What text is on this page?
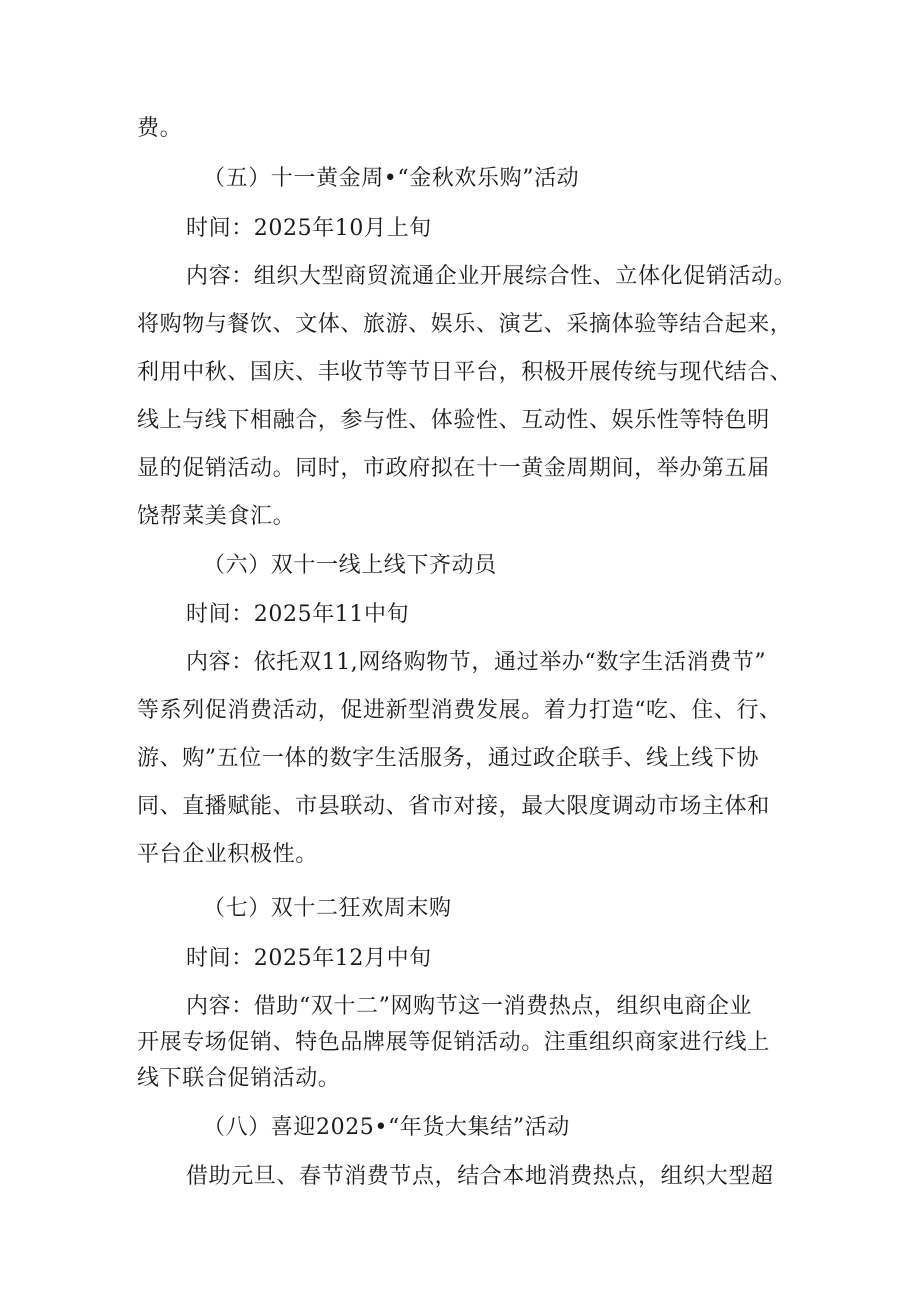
费。
（五）十一黄金周•“金秋欢乐购”活动
时间：2025年10月上旬
内容：组织大型商贸流通企业开展综合性、立体化促销活动。
将购物与餐饮、文体、旅游、娱乐、演艺、采摘体验等结合起来，
利用中秋、国庆、丰收节等节日平台，积极开展传统与现代结合、
线上与线下相融合，参与性、体验性、互动性、娱乐性等特色明
显的促销活动。同时，市政府拟在十一黄金周期间，举办第五届
饶帮菜美食汇。
（六）双十一线上线下齐动员
时间：2025年11中旬
内容：依托双11,网络购物节，通过举办“数字生活消费节”
等系列促消费活动，促进新型消费发展。着力打造“吃、住、行、
游、购”五位一体的数字生活服务，通过政企联手、线上线下协
同、直播赋能、市县联动、省市对接，最大限度调动市场主体和
平台企业积极性。
（七）双十二狂欢周末购
时间：2025年12月中旬
内容：借助“双十二”网购节这一消费热点，组织电商企业
开展专场促销、特色品牌展等促销活动。注重组织商家进行线上
线下联合促销活动。
（八）喜迎2025•“年货大集结”活动
借助元旦、春节消费节点，结合本地消费热点，组织大型超
